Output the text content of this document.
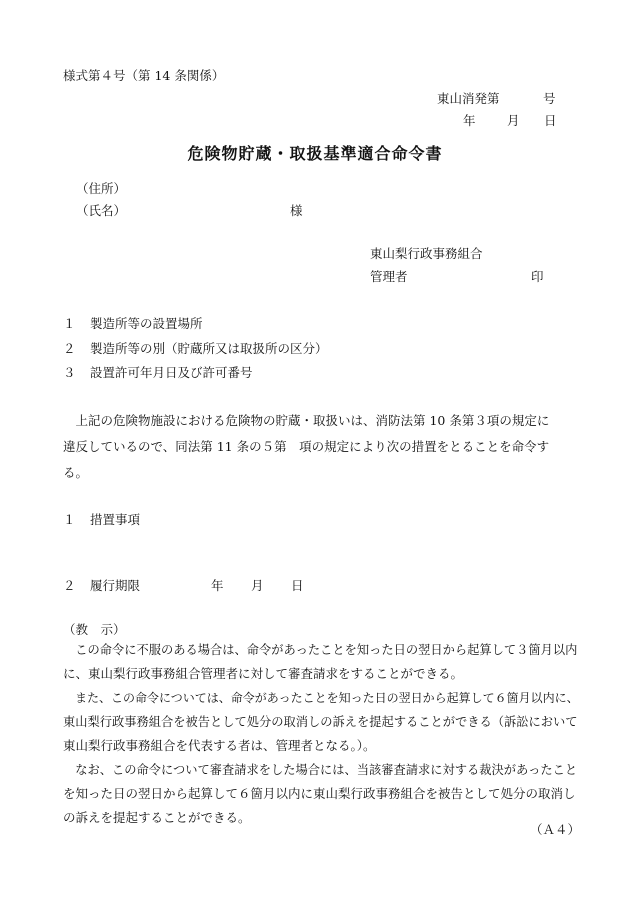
様式第４号（第 14 条関係）
東山消発第	号
年	月 日
危険物貯蔵・取扱基準適合命令書
（住所）
（氏名）	様
東山梨行政事務組合
管理者	印
１ 製造所等の設置場所
２ 製造所等の別（貯蔵所又は取扱所の区分）
３ 設置許可年月日及び許可番号
　上記の危険物施設における危険物の貯蔵・取扱いは、消防法第 10 条第３項の規定に
違反しているので、同法第 11 条の５第　項の規定により次の措置をとることを命令す
る。
１ 措置事項
２ 履行期限	年 月 日
（教　示）
　この命令に不服のある場合は、命令があったことを知った日の翌日から起算して３箇月以内
に、東山梨行政事務組合管理者に対して審査請求をすることができる。
　また、この命令については、命令があったことを知った日の翌日から起算して６箇月以内に、
東山梨行政事務組合を被告として処分の取消しの訴えを提起することができる（訴訟において
東山梨行政事務組合を代表する者は、管理者となる。）。
　なお、この命令について審査請求をした場合には、当該審査請求に対する裁決があったこと
を知った日の翌日から起算して６箇月以内に東山梨行政事務組合を被告として処分の取消し
の訴えを提起することができる。
（Ａ４）
